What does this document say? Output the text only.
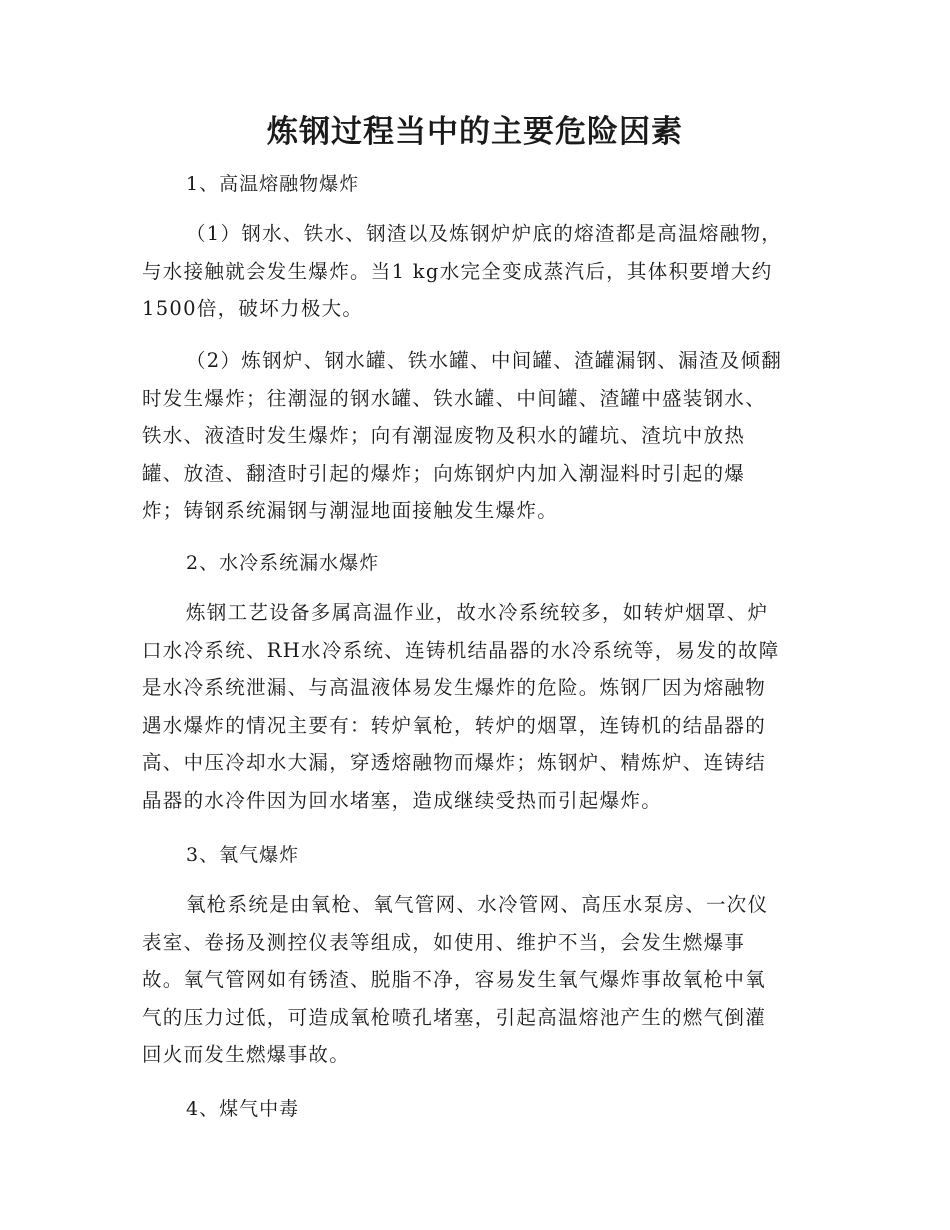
炼钢过程当中的主要危险因素
1、高温熔融物爆炸
（1）钢水、铁水、钢渣以及炼钢炉炉底的熔渣都是高温熔融物，
与水接触就会发生爆炸。当1 kg水完全变成蒸汽后，其体积要增大约
1500倍，破坏力极大。
（2）炼钢炉、钢水罐、铁水罐、中间罐、渣罐漏钢、漏渣及倾翻
时发生爆炸；往潮湿的钢水罐、铁水罐、中间罐、渣罐中盛装钢水、
铁水、液渣时发生爆炸；向有潮湿废物及积水的罐坑、渣坑中放热
罐、放渣、翻渣时引起的爆炸；向炼钢炉内加入潮湿料时引起的爆
炸；铸钢系统漏钢与潮湿地面接触发生爆炸。
2、水冷系统漏水爆炸
炼钢工艺设备多属高温作业，故水冷系统较多，如转炉烟罩、炉
口水冷系统、RH水冷系统、连铸机结晶器的水冷系统等，易发的故障
是水冷系统泄漏、与高温液体易发生爆炸的危险。炼钢厂因为熔融物
遇水爆炸的情况主要有：转炉氧枪，转炉的烟罩，连铸机的结晶器的
高、中压冷却水大漏，穿透熔融物而爆炸；炼钢炉、精炼炉、连铸结
晶器的水冷件因为回水堵塞，造成继续受热而引起爆炸。
3、氧气爆炸
氧枪系统是由氧枪、氧气管网、水冷管网、高压水泵房、一次仪
表室、卷扬及测控仪表等组成，如使用、维护不当，会发生燃爆事
故。氧气管网如有锈渣、脱脂不净，容易发生氧气爆炸事故氧枪中氧
气的压力过低，可造成氧枪喷孔堵塞，引起高温熔池产生的燃气倒灌
回火而发生燃爆事故。
4、煤气中毒
